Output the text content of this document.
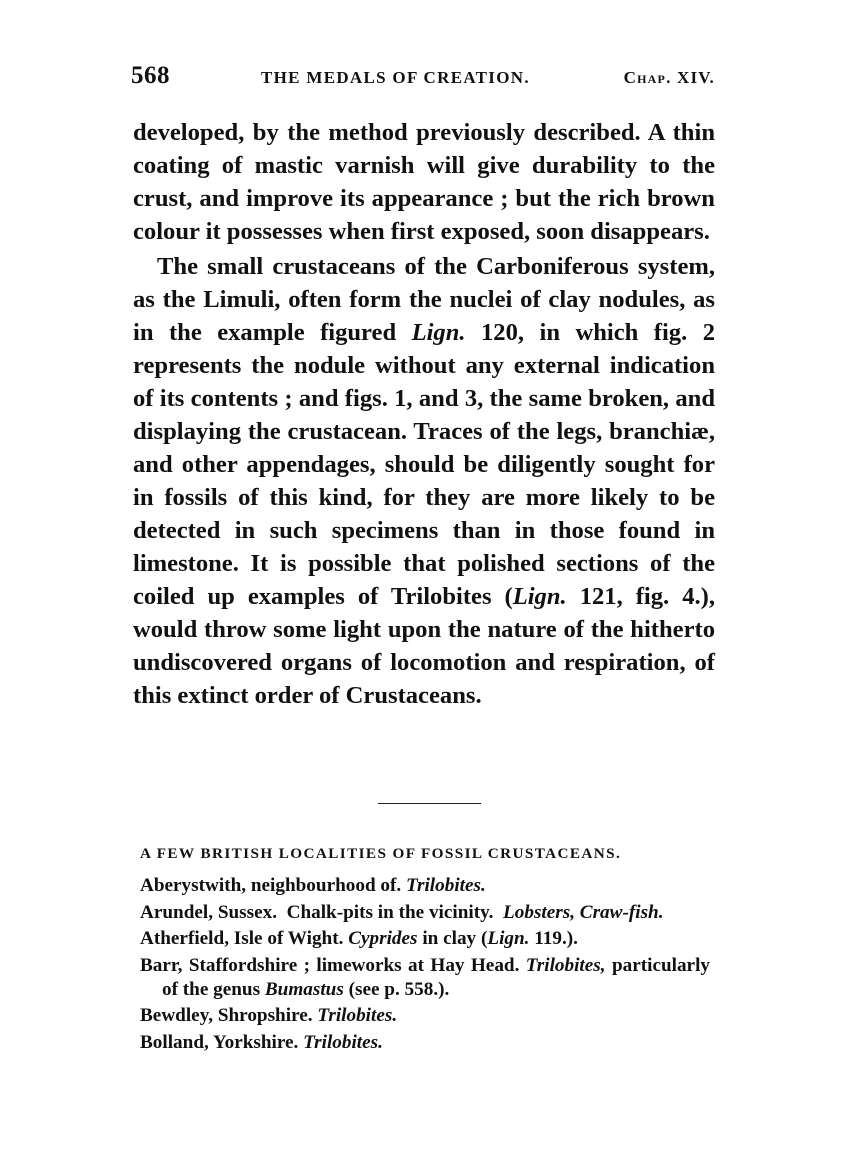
568	THE MEDALS OF CREATION.	Chap. XIV.

developed, by the method previously described. A thin coating of mastic varnish will give durability to the crust, and improve its appearance ; but the rich brown colour it possesses when first exposed, soon disappears.

The small crustaceans of the Carboniferous system, as the Limuli, often form the nuclei of clay nodules, as in the example figured Lign. 120, in which fig. 2 represents the nodule without any external indication of its contents ; and figs. 1, and 3, the same broken, and displaying the crustacean. Traces of the legs, branchiæ, and other appendages, should be diligently sought for in fossils of this kind, for they are more likely to be detected in such specimens than in those found in limestone. It is possible that polished sections of the coiled up examples of Trilobites (Lign. 121, fig. 4.), would throw some light upon the nature of the hitherto undiscovered organs of locomotion and respiration, of this extinct order of Crustaceans.

A FEW BRITISH LOCALITIES OF FOSSIL CRUSTACEANS.
Aberystwith, neighbourhood of. Trilobites.
Arundel, Sussex. Chalk-pits in the vicinity. Lobsters, Craw-fish.
Atherfield, Isle of Wight. Cyprides in clay (Lign. 119.).
Barr, Staffordshire ; limeworks at Hay Head. Trilobites, particularly of the genus Bumastus (see p. 558.).
Bewdley, Shropshire. Trilobites.
Bolland, Yorkshire. Trilobites.
